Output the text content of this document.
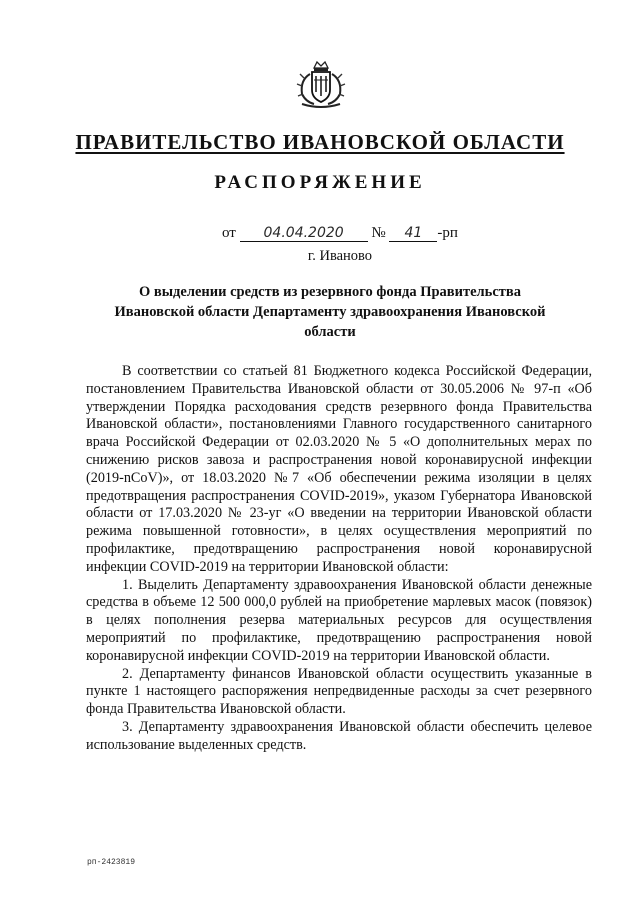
ПРАВИТЕЛЬСТВО ИВАНОВСКОЙ ОБЛАСТИ
РАСПОРЯЖЕНИЕ
от 04.04.2020 № 41 -рп
г. Иваново
О выделении средств из резервного фонда Правительства Ивановской области Департаменту здравоохранения Ивановской области

В соответствии со статьей 81 Бюджетного кодекса Российской Федерации, постановлением Правительства Ивановской области от 30.05.2006 № 97-п «Об утверждении Порядка расходования средств резервного фонда Правительства Ивановской области», постановлениями Главного государственного санитарного врача Российской Федерации от 02.03.2020 № 5 «О дополнительных мерах по снижению рисков завоза и распространения новой коронавирусной инфекции (2019-nCoV)», от 18.03.2020 №7 «Об обеспечении режима изоляции в целях предотвращения распространения COVID-2019», указом Губернатора Ивановской области от 17.03.2020 № 23-уг «О введении на территории Ивановской области режима повышенной готовности», в целях осуществления мероприятий по профилактике, предотвращению распространения новой коронавирусной инфекции COVID-2019 на территории Ивановской области:

1. Выделить Департаменту здравоохранения Ивановской области денежные средства в объеме 12 500 000,0 рублей на приобретение марлевых масок (повязок) в целях пополнения резерва материальных ресурсов для осуществления мероприятий по профилактике, предотвращению распространения новой коронавирусной инфекции COVID-2019 на территории Ивановской области.

2. Департаменту финансов Ивановской области осуществить указанные в пункте 1 настоящего распоряжения непредвиденные расходы за счет резервного фонда Правительства Ивановской области.

3. Департаменту здравоохранения Ивановской области обеспечить целевое использование выделенных средств.

рп-2423819
